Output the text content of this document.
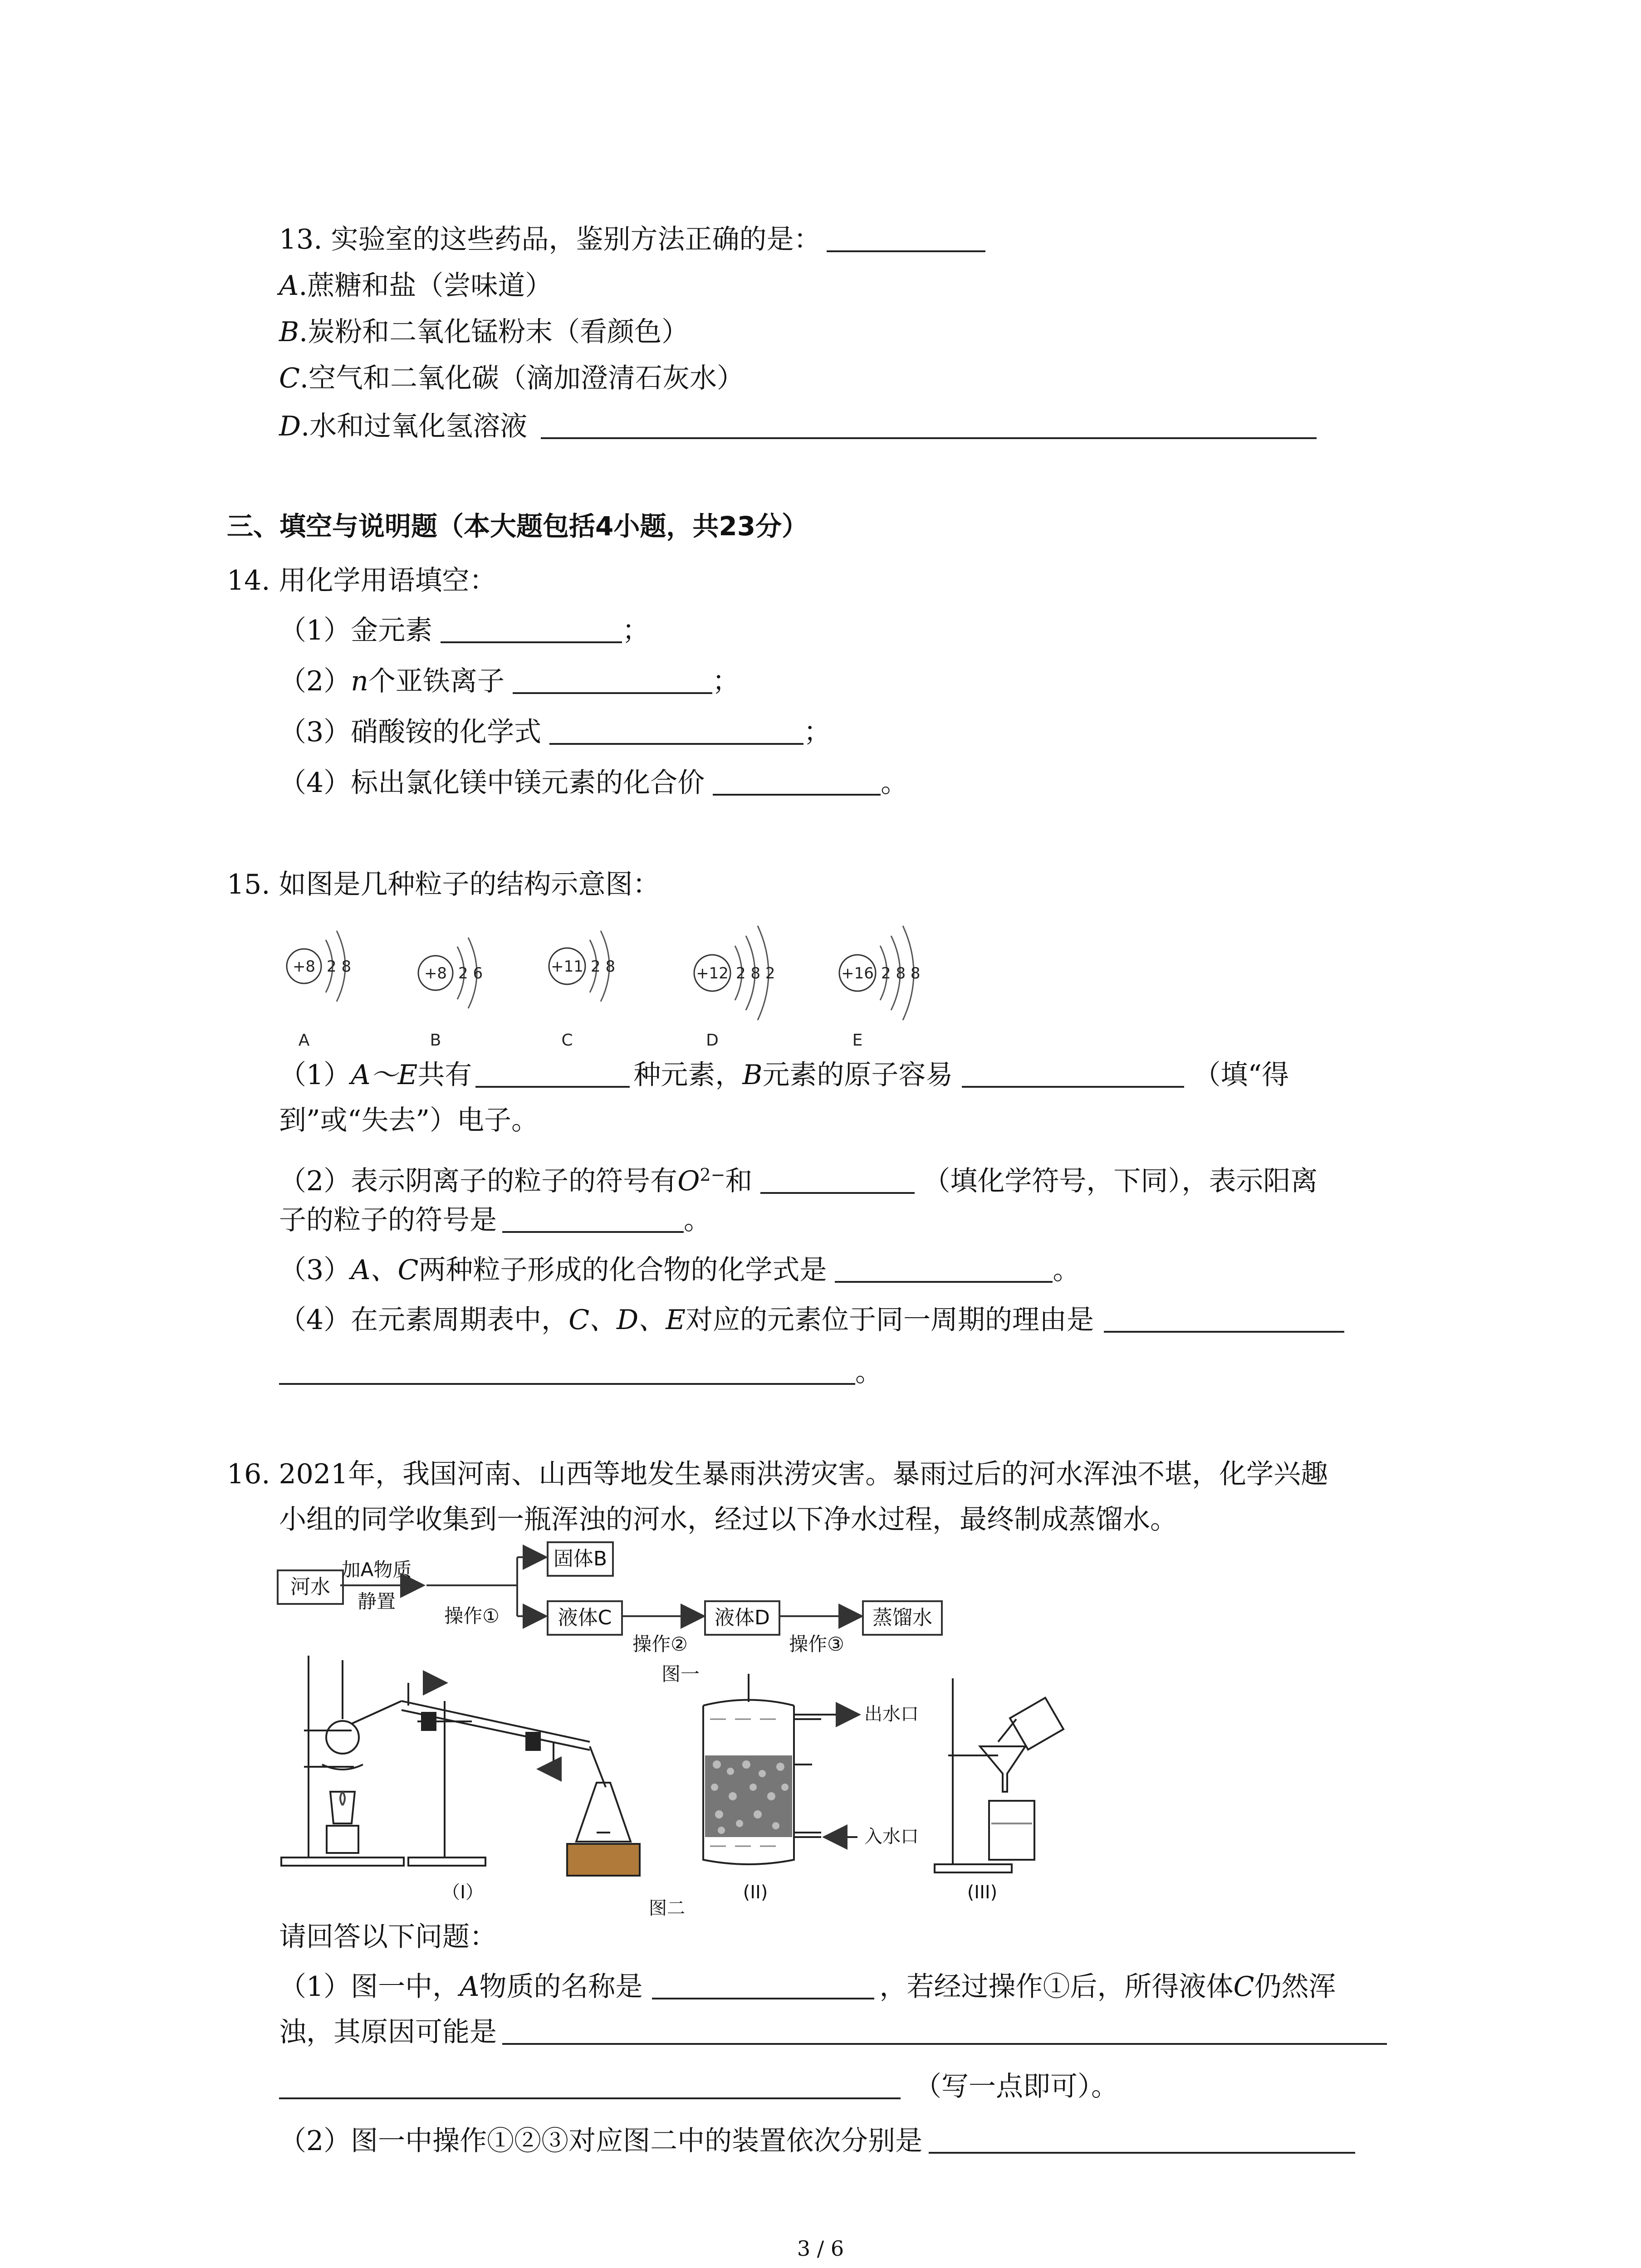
13. 实验室的这些药品，鉴别方法正确的是：
A.蔗糖和盐（尝味道）
B.炭粉和二氧化锰粉末（看颜色）
C.空气和二氧化碳（滴加澄清石灰水）
D.水和过氧化氢溶液
三、填空与说明题（本大题包括4小题，共23分）
14. 用化学用语填空：
（1）金元素	；
（2）n个亚铁离子	；
（3）硝酸铵的化学式	；
（4）标出氯化镁中镁元素的化合价	。
15. 如图是几种粒子的结构示意图：
+8 2 8
A
+8 2 6
B
+11 2 8
C
+12 2 8 2
D
+16 2 8 8
E
（1）A～E共有	种元素，B元素的原子容易	（填“得
到”或“失去”）电子。
（2）表示阴离子的粒子的符号有$O^{2-}$和	（填化学符号，下同），表示阳离
子的粒子的符号是	。
（3）A、C两种粒子形成的化合物的化学式是	。
（4）在元素周期表中，C、D、E对应的元素位于同一周期的理由是
。
16. 2021年，我国河南、山西等地发生暴雨洪涝灾害。暴雨过后的河水浑浊不堪，化学兴趣
小组的同学收集到一瓶浑浊的河水，经过以下净水过程，最终制成蒸馏水。
河水
加A物质
静置
固体B
液体C
操作①	液体D
操作②
蒸馏水
操作③
图一
出水口
入水口
（I）	(II)	(III)
图二
请回答以下问题：
（1）图一中，A物质的名称是	，若经过操作①后，所得液体C仍然浑
浊，其原因可能是
（写一点即可）。
（2）图一中操作①②③对应图二中的装置依次分别是
3 / 6
